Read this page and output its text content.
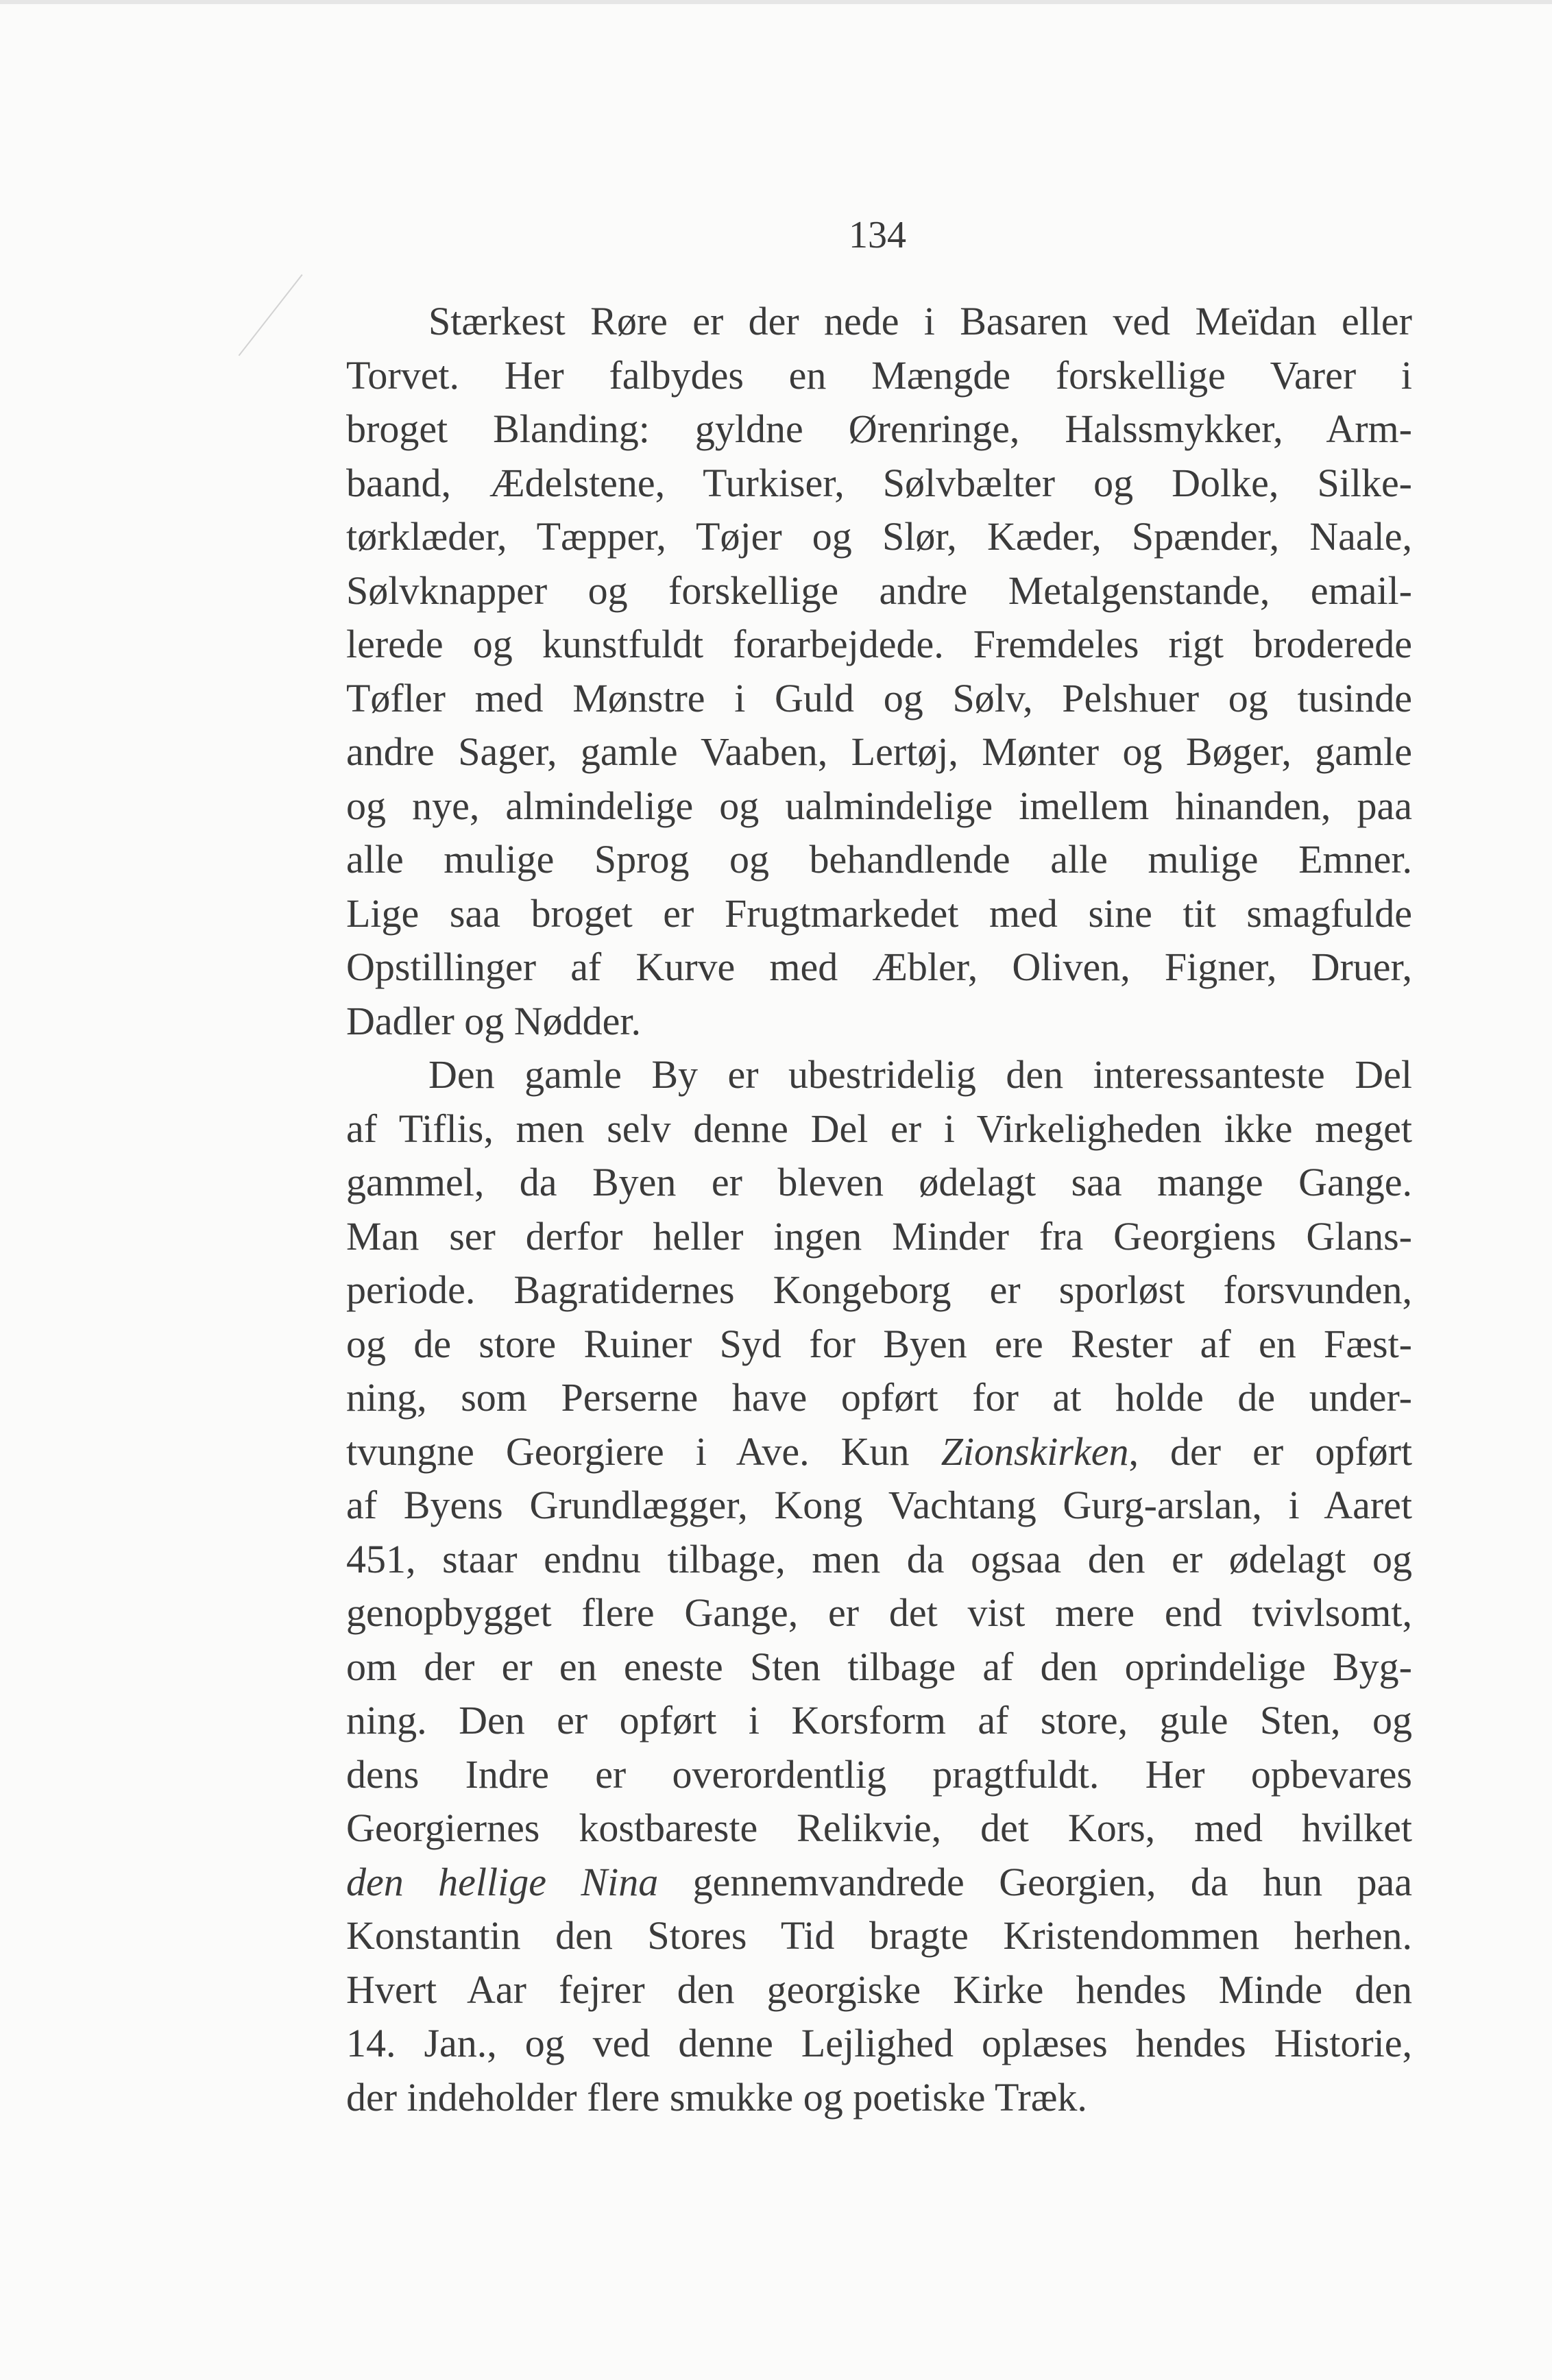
134
Stærkest Røre er der nede i Basaren ved Meïdan eller
Torvet. Her falbydes en Mængde forskellige Varer i
broget Blanding: gyldne Ørenringe, Halssmykker, Arm-
baand, Ædelstene, Turkiser, Sølvbælter og Dolke, Silke-
tørklæder, Tæpper, Tøjer og Slør, Kæder, Spænder, Naale,
Sølvknapper og forskellige andre Metalgenstande, email-
lerede og kunstfuldt forarbejdede. Fremdeles rigt broderede
Tøfler med Mønstre i Guld og Sølv, Pelshuer og tusinde
andre Sager, gamle Vaaben, Lertøj, Mønter og Bøger, gamle
og nye, almindelige og ualmindelige imellem hinanden, paa
alle mulige Sprog og behandlende alle mulige Emner.
Lige saa broget er Frugtmarkedet med sine tit smagfulde
Opstillinger af Kurve med Æbler, Oliven, Figner, Druer,
Dadler og Nødder.
Den gamle By er ubestridelig den interessanteste Del
af Tiflis, men selv denne Del er i Virkeligheden ikke meget
gammel, da Byen er bleven ødelagt saa mange Gange.
Man ser derfor heller ingen Minder fra Georgiens Glans-
periode. Bagratidernes Kongeborg er sporløst forsvunden,
og de store Ruiner Syd for Byen ere Rester af en Fæst-
ning, som Perserne have opført for at holde de under-
tvungne Georgiere i Ave. Kun Zionskirken, der er opført
af Byens Grundlægger, Kong Vachtang Gurg-arslan, i Aaret
451, staar endnu tilbage, men da ogsaa den er ødelagt og
genopbygget flere Gange, er det vist mere end tvivlsomt,
om der er en eneste Sten tilbage af den oprindelige Byg-
ning. Den er opført i Korsform af store, gule Sten, og
dens Indre er overordentlig pragtfuldt. Her opbevares
Georgiernes kostbareste Relikvie, det Kors, med hvilket
den hellige Nina gennemvandrede Georgien, da hun paa
Konstantin den Stores Tid bragte Kristendommen herhen.
Hvert Aar fejrer den georgiske Kirke hendes Minde den
14. Jan., og ved denne Lejlighed oplæses hendes Historie,
der indeholder flere smukke og poetiske Træk.
